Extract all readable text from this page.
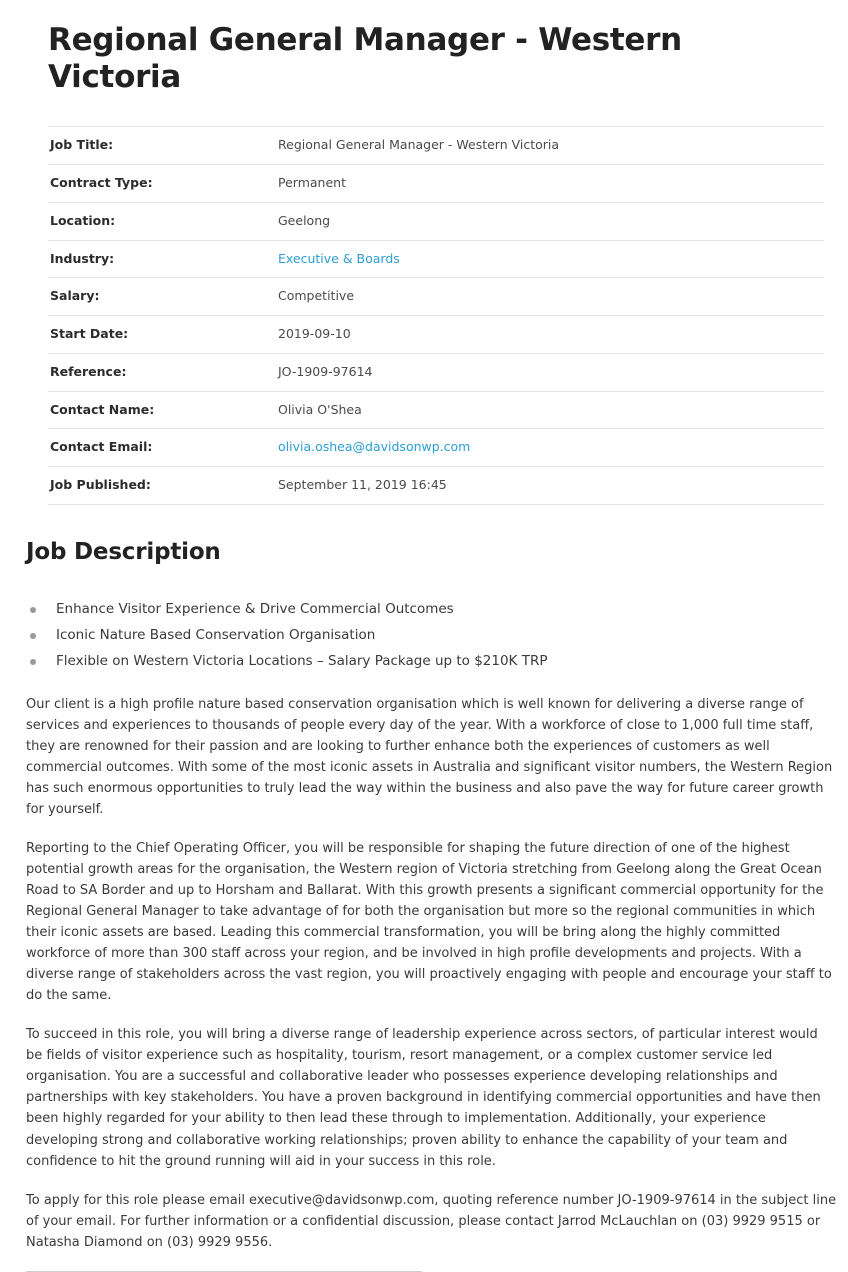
Regional General Manager - Western Victoria
Job Title:	Regional General Manager - Western Victoria
Contract Type:	Permanent
Location:	Geelong
Industry:	Executive & Boards
Salary:	Competitive
Start Date:	2019-09-10
Reference:	JO-1909-97614
Contact Name:	Olivia O'Shea
Contact Email:	olivia.oshea@davidsonwp.com
Job Published:	September 11, 2019 16:45
Job Description
Enhance Visitor Experience & Drive Commercial Outcomes
Iconic Nature Based Conservation Organisation
Flexible on Western Victoria Locations – Salary Package up to $210K TRP

Our client is a high profile nature based conservation organisation which is well known for delivering a diverse range of services and experiences to thousands of people every day of the year. With a workforce of close to 1,000 full time staff, they are renowned for their passion and are looking to further enhance both the experiences of customers as well commercial outcomes. With some of the most iconic assets in Australia and significant visitor numbers, the Western Region has such enormous opportunities to truly lead the way within the business and also pave the way for future career growth for yourself.

Reporting to the Chief Operating Officer, you will be responsible for shaping the future direction of one of the highest potential growth areas for the organisation, the Western region of Victoria stretching from Geelong along the Great Ocean Road to SA Border and up to Horsham and Ballarat. With this growth presents a significant commercial opportunity for the Regional General Manager to take advantage of for both the organisation but more so the regional communities in which their iconic assets are based. Leading this commercial transformation, you will be bring along the highly committed workforce of more than 300 staff across your region, and be involved in high profile developments and projects. With a diverse range of stakeholders across the vast region, you will proactively engaging with people and encourage your staff to do the same.

To succeed in this role, you will bring a diverse range of leadership experience across sectors, of particular interest would be fields of visitor experience such as hospitality, tourism, resort management, or a complex customer service led organisation. You are a successful and collaborative leader who possesses experience developing relationships and partnerships with key stakeholders. You have a proven background in identifying commercial opportunities and have then been highly regarded for your ability to then lead these through to implementation. Additionally, your experience developing strong and collaborative working relationships; proven ability to enhance the capability of your team and confidence to hit the ground running will aid in your success in this role.

To apply for this role please email executive@davidsonwp.com, quoting reference number JO-1909-97614 in the subject line of your email. For further information or a confidential discussion, please contact Jarrod McLauchlan on (03) 9929 9515 or Natasha Diamond on (03) 9929 9556.
